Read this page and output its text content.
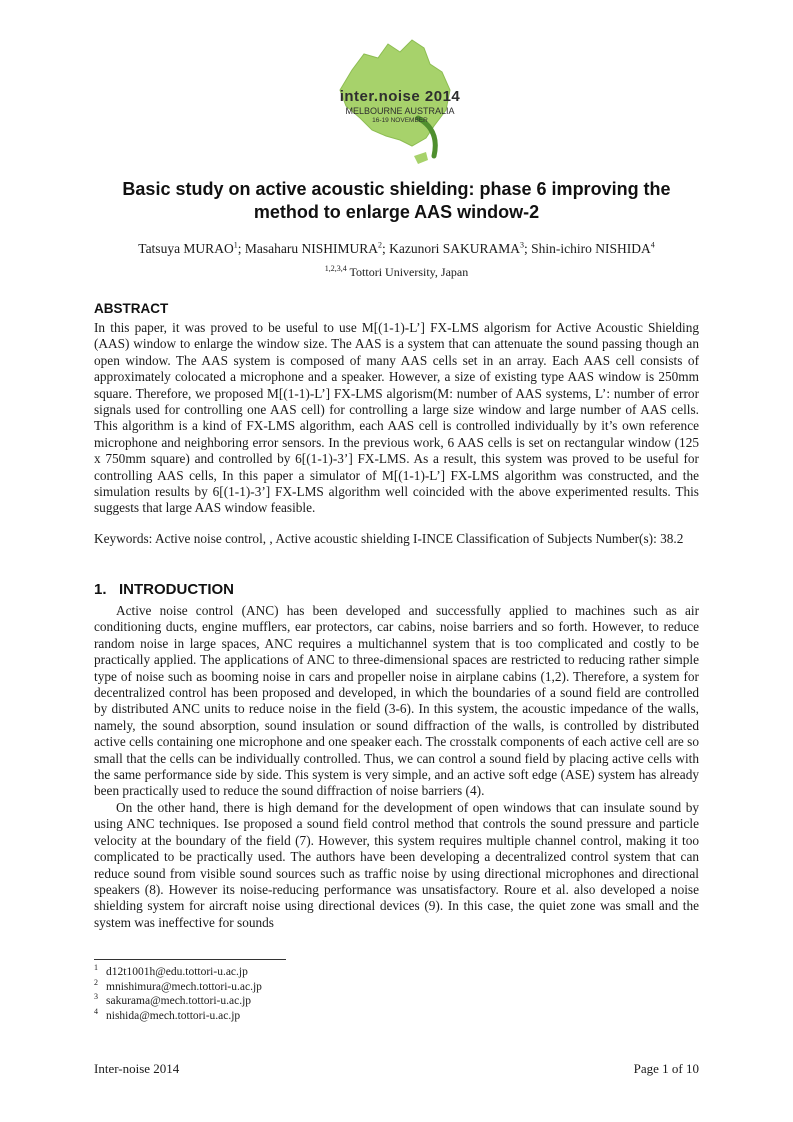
inter.noise 2014
MELBOURNE AUSTRALIA
16-19 NOVEMBER
Basic study on active acoustic shielding: phase 6 improving the
method to enlarge AAS window-2
Tatsuya MURAO$^1$; Masaharu NISHIMURA$^2$; Kazunori SAKURAMA$^3$; Shin-ichiro NISHIDA$^4$
$^{1,2,3,4}$ Tottori University, Japan
ABSTRACT
In this paper, it was proved to be useful to use M[(1-1)-L’] FX-LMS algorism for Active Acoustic Shielding (AAS) window to enlarge the window size. The AAS is a system that can attenuate the sound passing though an open window. The AAS system is composed of many AAS cells set in an array. Each AAS cell consists of approximately colocated a microphone and a speaker. However, a size of existing type AAS window is 250mm square. Therefore, we proposed M[(1-1)-L’] FX-LMS algorism(M: number of AAS systems, L’: number of error signals used for controlling one AAS cell) for controlling a large size window and large number of AAS cells. This algorithm is a kind of FX-LMS algorithm, each AAS cell is controlled individually by it’s own reference microphone and neighboring error sensors. In the previous work, 6 AAS cells is set on rectangular window (125 x 750mm square) and controlled by 6[(1-1)-3’] FX-LMS. As a result, this system was proved to be useful for controlling AAS cells, In this paper a simulator of M[(1-1)-L’] FX-LMS algorithm was constructed, and the simulation results by 6[(1-1)-3’] FX-LMS algorithm well coincided with the above experimented results. This suggests that large AAS window feasible.
Keywords: Active noise control, , Active acoustic shielding I-INCE Classification of Subjects Number(s): 38.2
1.   INTRODUCTION
Active noise control (ANC) has been developed and successfully applied to machines such as air conditioning ducts, engine mufflers, ear protectors, car cabins, noise barriers and so forth. However, to reduce random noise in large spaces, ANC requires a multichannel system that is too complicated and costly to be practically applied. The applications of ANC to three-dimensional spaces are restricted to reducing rather simple type of noise such as booming noise in cars and propeller noise in airplane cabins (1,2). Therefore, a system for decentralized control has been proposed and developed, in which the boundaries of a sound field are controlled by distributed ANC units to reduce noise in the field (3-6). In this system, the acoustic impedance of the walls, namely, the sound absorption, sound insulation or sound diffraction of the walls, is controlled by distributed active cells containing one microphone and one speaker each. The crosstalk components of each active cell are so small that the cells can be individually controlled. Thus, we can control a sound field by placing active cells with the same performance side by side. This system is very simple, and an active soft edge (ASE) system has already been practically used to reduce the sound diffraction of noise barriers (4).
On the other hand, there is high demand for the development of open windows that can insulate sound by using ANC techniques. Ise proposed a sound field control method that controls the sound pressure and particle velocity at the boundary of the field (7). However, this system requires multiple channel control, making it too complicated to be practically used. The authors have been developing a decentralized control system that can reduce sound from visible sound sources such as traffic noise by using directional microphones and directional speakers (8). However its noise-reducing performance was unsatisfactory. Roure et al. also developed a noise shielding system for aircraft noise using directional devices (9). In this case, the quiet zone was small and the system was ineffective for sounds
1 d12t1001h@edu.tottori-u.ac.jp
2 mnishimura@mech.tottori-u.ac.jp
3 sakurama@mech.tottori-u.ac.jp
4 nishida@mech.tottori-u.ac.jp
Inter-noise 2014	Page 1 of 10
